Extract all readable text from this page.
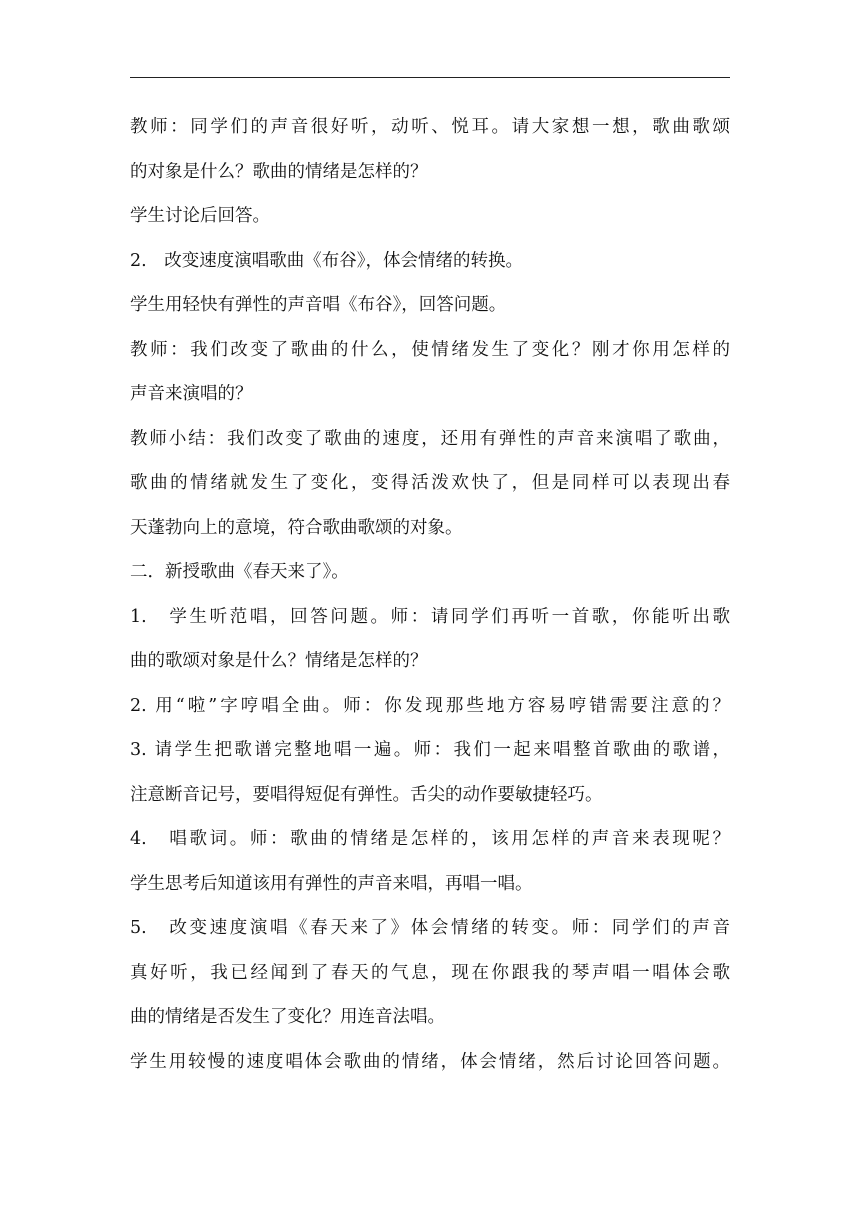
教师：同学们的声音很好听，动听、悦耳。请大家想一想，歌曲歌颂
的对象是什么？歌曲的情绪是怎样的？
学生讨论后回答。
2.　改变速度演唱歌曲《布谷》，体会情绪的转换。
学生用轻快有弹性的声音唱《布谷》，回答问题。
教师：我们改变了歌曲的什么，使情绪发生了变化？刚才你用怎样的
声音来演唱的？
教师小结：我们改变了歌曲的速度，还用有弹性的声音来演唱了歌曲，
歌曲的情绪就发生了变化，变得活泼欢快了，但是同样可以表现出春
天蓬勃向上的意境，符合歌曲歌颂的对象。
二．新授歌曲《春天来了》。
1.　学生听范唱，回答问题。师：请同学们再听一首歌，你能听出歌
曲的歌颂对象是什么？情绪是怎样的？
2. 用“啦”字哼唱全曲。师：你发现那些地方容易哼错需要注意的？
3. 请学生把歌谱完整地唱一遍。师：我们一起来唱整首歌曲的歌谱，
注意断音记号，要唱得短促有弹性。舌尖的动作要敏捷轻巧。
4.　唱歌词。师：歌曲的情绪是怎样的，该用怎样的声音来表现呢？
学生思考后知道该用有弹性的声音来唱，再唱一唱。
5.　改变速度演唱《春天来了》体会情绪的转变。师：同学们的声音
真好听，我已经闻到了春天的气息，现在你跟我的琴声唱一唱体会歌
曲的情绪是否发生了变化？用连音法唱。
学生用较慢的速度唱体会歌曲的情绪，体会情绪，然后讨论回答问题。
